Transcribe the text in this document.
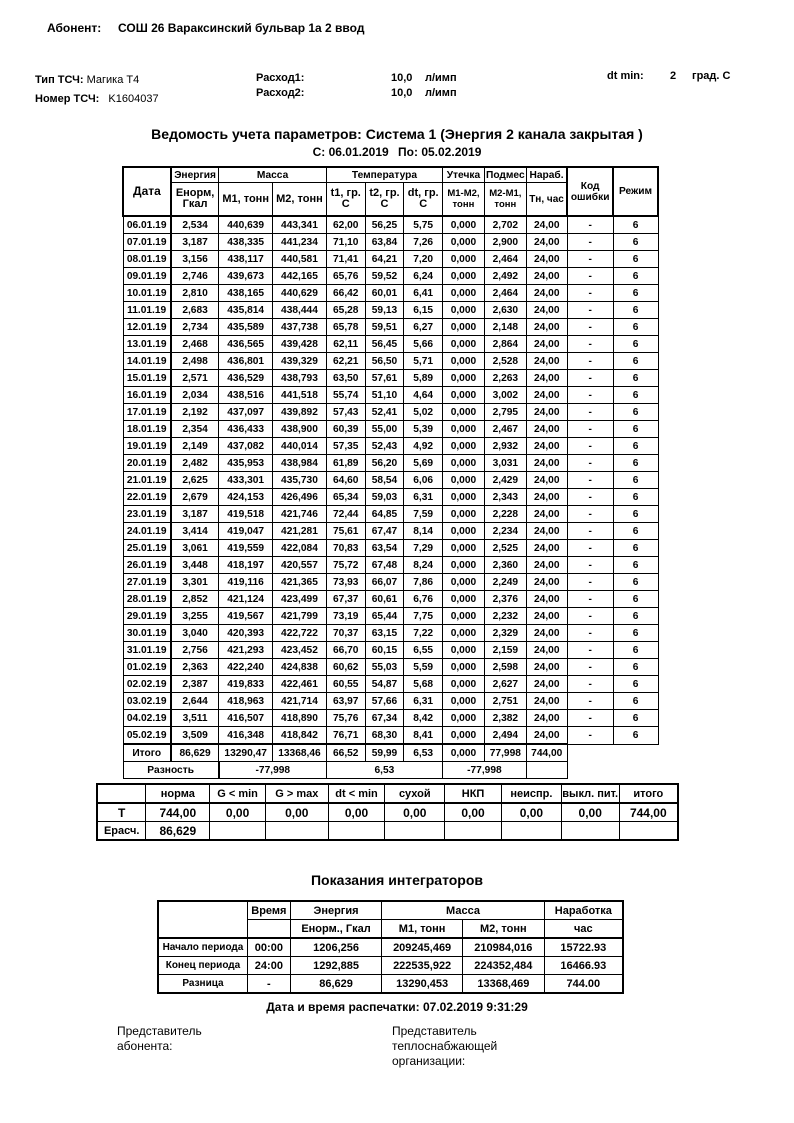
Абонент: СОШ 26 Вараксинский бульвар 1а 2 ввод
Тип ТСЧ: Магика Т4
Номер ТСЧ: K1604037
Расход1:	10,0 л/имп
Расход2:	10,0 л/имп
dt min: 2 град. С
Ведомость учета параметров: Система 1 (Энергия 2 канала закрытая )
С: 06.01.2019 По: 05.02.2019
Дата	Энергия	Масса		Температура			Утечка	Подмес	Нараб.	Код ошибки	Режим
	Енорм, Гкал	М1, тонн	М2, тонн	t1, гр. С	t2, гр. С	dt, гр. С	М1-М2, тонн	М2-М1, тонн	Тн, час		
06.01.19	2,534	440,639	443,341	62,00	56,25	5,75	0,000	2,702	24,00	-	6
07.01.19	3,187	438,335	441,234	71,10	63,84	7,26	0,000	2,900	24,00	-	6
08.01.19	3,156	438,117	440,581	71,41	64,21	7,20	0,000	2,464	24,00	-	6
09.01.19	2,746	439,673	442,165	65,76	59,52	6,24	0,000	2,492	24,00	-	6
10.01.19	2,810	438,165	440,629	66,42	60,01	6,41	0,000	2,464	24,00	-	6
11.01.19	2,683	435,814	438,444	65,28	59,13	6,15	0,000	2,630	24,00	-	6
12.01.19	2,734	435,589	437,738	65,78	59,51	6,27	0,000	2,148	24,00	-	6
13.01.19	2,468	436,565	439,428	62,11	56,45	5,66	0,000	2,864	24,00	-	6
14.01.19	2,498	436,801	439,329	62,21	56,50	5,71	0,000	2,528	24,00	-	6
15.01.19	2,571	436,529	438,793	63,50	57,61	5,89	0,000	2,263	24,00	-	6
16.01.19	2,034	438,516	441,518	55,74	51,10	4,64	0,000	3,002	24,00	-	6
17.01.19	2,192	437,097	439,892	57,43	52,41	5,02	0,000	2,795	24,00	-	6
18.01.19	2,354	436,433	438,900	60,39	55,00	5,39	0,000	2,467	24,00	-	6
19.01.19	2,149	437,082	440,014	57,35	52,43	4,92	0,000	2,932	24,00	-	6
20.01.19	2,482	435,953	438,984	61,89	56,20	5,69	0,000	3,031	24,00	-	6
21.01.19	2,625	433,301	435,730	64,60	58,54	6,06	0,000	2,429	24,00	-	6
22.01.19	2,679	424,153	426,496	65,34	59,03	6,31	0,000	2,343	24,00	-	6
23.01.19	3,187	419,518	421,746	72,44	64,85	7,59	0,000	2,228	24,00	-	6
24.01.19	3,414	419,047	421,281	75,61	67,47	8,14	0,000	2,234	24,00	-	6
25.01.19	3,061	419,559	422,084	70,83	63,54	7,29	0,000	2,525	24,00	-	6
26.01.19	3,448	418,197	420,557	75,72	67,48	8,24	0,000	2,360	24,00	-	6
27.01.19	3,301	419,116	421,365	73,93	66,07	7,86	0,000	2,249	24,00	-	6
28.01.19	2,852	421,124	423,499	67,37	60,61	6,76	0,000	2,376	24,00	-	6
29.01.19	3,255	419,567	421,799	73,19	65,44	7,75	0,000	2,232	24,00	-	6
30.01.19	3,040	420,393	422,722	70,37	63,15	7,22	0,000	2,329	24,00	-	6
31.01.19	2,756	421,293	423,452	66,70	60,15	6,55	0,000	2,159	24,00	-	6
01.02.19	2,363	422,240	424,838	60,62	55,03	5,59	0,000	2,598	24,00	-	6
02.02.19	2,387	419,833	422,461	60,55	54,87	5,68	0,000	2,627	24,00	-	6
03.02.19	2,644	418,963	421,714	63,97	57,66	6,31	0,000	2,751	24,00	-	6
04.02.19	3,511	416,507	418,890	75,76	67,34	8,42	0,000	2,382	24,00	-	6
05.02.19	3,509	416,348	418,842	76,71	68,30	8,41	0,000	2,494	24,00	-	6
Итого	86,629	13290,47	13368,46	66,52	59,99	6,53	0,000	77,998	744,00		
Разность		-77,998		6,53			-77,998				
	норма	G < min	G > max	dt < min	сухой	НКП	неиспр.	выкл. пит.	итого
Т	744,00	0,00	0,00	0,00	0,00	0,00	0,00	0,00	744,00
Ерасч.	86,629								
Показания интеграторов
	Время	Энергия	Масса		Наработка
		Енорм., Гкал	М1, тонн	М2, тонн	час
Начало периода	00:00	1206,256	209245,469	210984,016	15722.93
Конец периода	24:00	1292,885	222535,922	224352,484	16466.93
Разница	-	86,629	13290,453	13368,469	744.00
Дата и время распечатки: 07.02.2019 9:31:29
Представитель абонента:
Представитель теплоснабжающей организации:
